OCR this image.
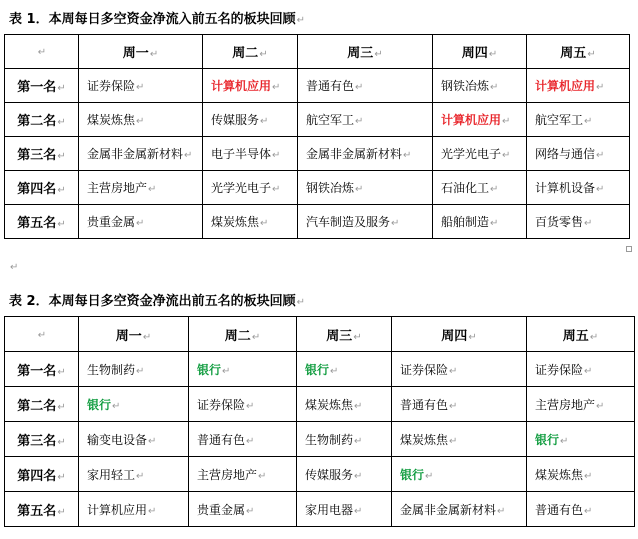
表 1．本周每日多空资金净流入前五名的板块回顾↵
↵	周一↵	周二↵	周三↵	周四↵	周五↵
第一名↵	证券保险↵	计算机应用↵	普通有色↵	钢铁冶炼↵	计算机应用↵
第二名↵	煤炭炼焦↵	传媒服务↵	航空军工↵	计算机应用↵	航空军工↵
第三名↵	金属非金属新材料↵	电子半导体↵	金属非金属新材料↵	光学光电子↵	网络与通信↵
第四名↵	主营房地产↵	光学光电子↵	钢铁冶炼↵	石油化工↵	计算机设备↵
第五名↵	贵重金属↵	煤炭炼焦↵	汽车制造及服务↵	船舶制造↵	百货零售↵
↵
表 2．本周每日多空资金净流出前五名的板块回顾↵
↵	周一↵	周二↵	周三↵	周四↵	周五↵
第一名↵	生物制药↵	银行↵	银行↵	证券保险↵	证券保险↵
第二名↵	银行↵	证券保险↵	煤炭炼焦↵	普通有色↵	主营房地产↵
第三名↵	输变电设备↵	普通有色↵	生物制药↵	煤炭炼焦↵	银行↵
第四名↵	家用轻工↵	主营房地产↵	传媒服务↵	银行↵	煤炭炼焦↵
第五名↵	计算机应用↵	贵重金属↵	家用电器↵	金属非金属新材料↵	普通有色↵
